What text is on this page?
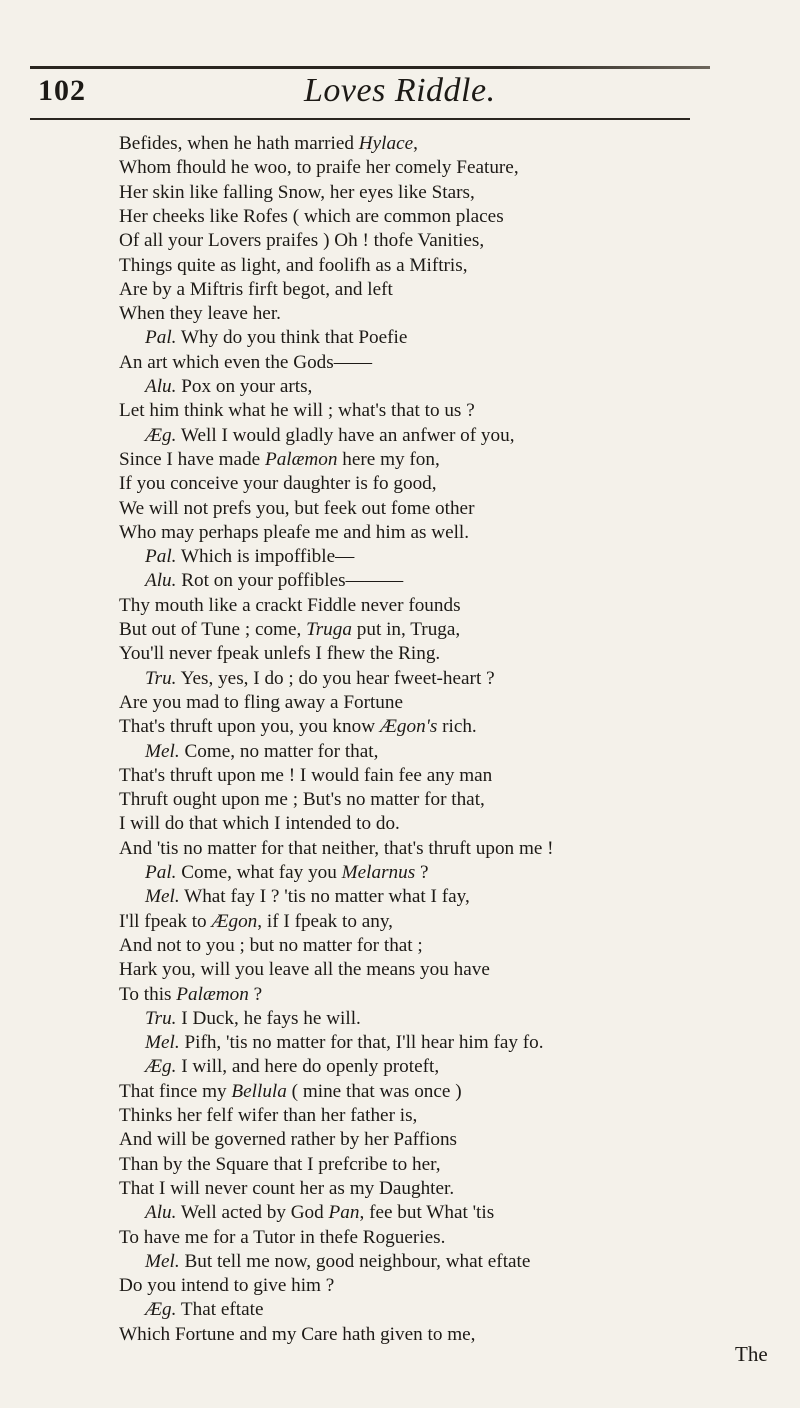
102	Loves Riddle.
Befides, when he hath married Hylace,
Whom fhould he woo, to praife her comely Feature,
Her skin like falling Snow, her eyes like Stars,
Her cheeks like Rofes ( which are common places
Of all your Lovers praifes ) Oh ! thofe Vanities,
Things quite as light, and foolifh as a Miftris,
Are by a Miftris firft begot, and left
When they leave her.
Pal. Why do you think that Poefie
An art which even the Gods——
Alu. Pox on your arts,
Let him think what he will ; what's that to us ?
Æg. Well I would gladly have an anfwer of you,
Since I have made Palæmon here my fon,
If you conceive your daughter is fo good,
We will not prefs you, but feek out fome other
Who may perhaps pleafe me and him as well.
Pal. Which is impoffible—
Alu. Rot on your poffibles———
Thy mouth like a crackt Fiddle never founds
But out of Tune ; come, Truga put in, Truga,
You'll never fpeak unlefs I fhew the Ring.
Tru. Yes, yes, I do ; do you hear fweet-heart ?
Are you mad to fling away a Fortune
That's thruft upon you, you know Ægon's rich.
Mel. Come, no matter for that,
That's thruft upon me ! I would fain fee any man
Thruft ought upon me ; But's no matter for that,
I will do that which I intended to do.
And 'tis no matter for that neither, that's thruft upon me !
Pal. Come, what fay you Melarnus ?
Mel. What fay I ? 'tis no matter what I fay,
I'll fpeak to Ægon, if I fpeak to any,
And not to you ; but no matter for that ;
Hark you, will you leave all the means you have
To this Palæmon ?
Tru. I Duck, he fays he will.
Mel. Pifh, 'tis no matter for that, I'll hear him fay fo.
Æg. I will, and here do openly proteft,
That fince my Bellula ( mine that was once )
Thinks her felf wifer than her father is,
And will be governed rather by her Paffions
Than by the Square that I prefcribe to her,
That I will never count her as my Daughter.
Alu. Well acted by God Pan, fee but What 'tis
To have me for a Tutor in thefe Rogueries.
Mel. But tell me now, good neighbour, what eftate
Do you intend to give him ?
Æg. That eftate
Which Fortune and my Care hath given to me,
The
